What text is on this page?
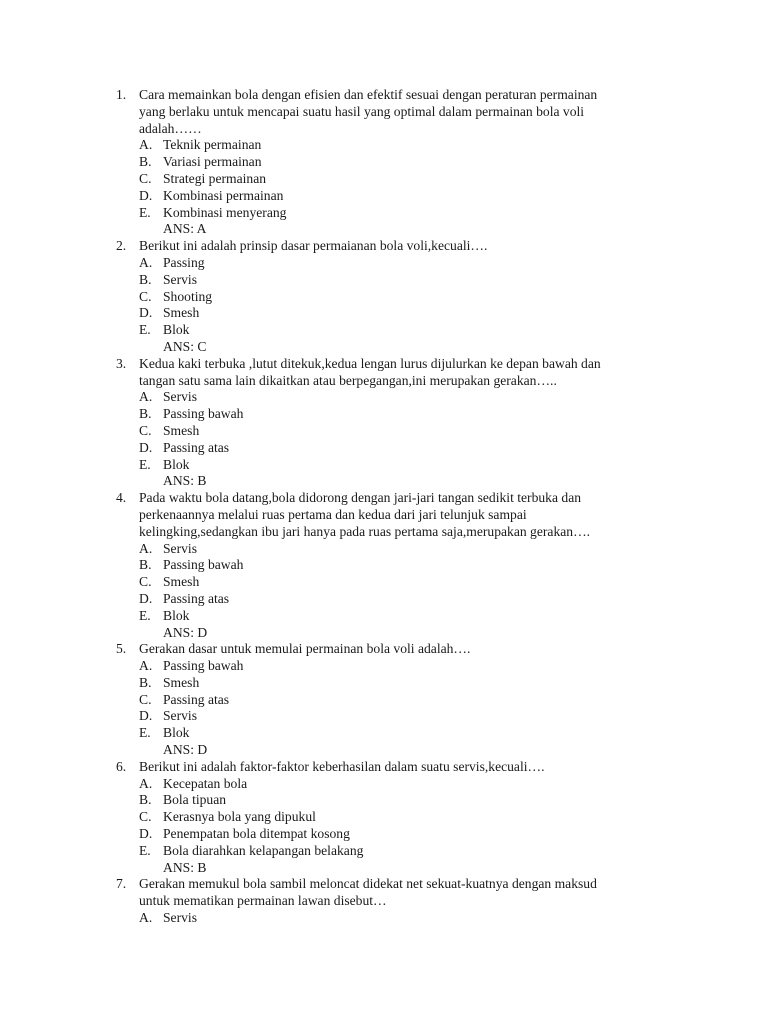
1. Cara memainkan bola dengan efisien dan efektif sesuai dengan peraturan permainan
yang berlaku untuk mencapai suatu hasil yang optimal dalam permainan bola voli
adalah……
A. Teknik permainan
B. Variasi permainan
C. Strategi permainan
D. Kombinasi permainan
E. Kombinasi menyerang
ANS: A
2. Berikut ini adalah prinsip dasar permaianan bola voli,kecuali….
A. Passing
B. Servis
C. Shooting
D. Smesh
E. Blok
ANS: C
3. Kedua kaki terbuka ,lutut ditekuk,kedua lengan lurus dijulurkan ke depan bawah dan
tangan satu sama lain dikaitkan atau berpegangan,ini merupakan gerakan…..
A. Servis
B. Passing bawah
C. Smesh
D. Passing atas
E. Blok
ANS: B
4. Pada waktu bola datang,bola didorong dengan jari-jari tangan sedikit terbuka dan
perkenaannya melalui ruas pertama dan kedua dari jari telunjuk sampai
kelingking,sedangkan ibu jari hanya pada ruas pertama saja,merupakan gerakan….
A. Servis
B. Passing bawah
C. Smesh
D. Passing atas
E. Blok
ANS: D
5. Gerakan dasar untuk memulai permainan bola voli adalah….
A. Passing bawah
B. Smesh
C. Passing atas
D. Servis
E. Blok
ANS: D
6. Berikut ini adalah faktor-faktor keberhasilan dalam suatu servis,kecuali….
A. Kecepatan bola
B. Bola tipuan
C. Kerasnya bola yang dipukul
D. Penempatan bola ditempat kosong
E. Bola diarahkan kelapangan belakang
ANS: B
7. Gerakan memukul bola sambil meloncat didekat net sekuat-kuatnya dengan maksud
untuk mematikan permainan lawan disebut…
A. Servis
